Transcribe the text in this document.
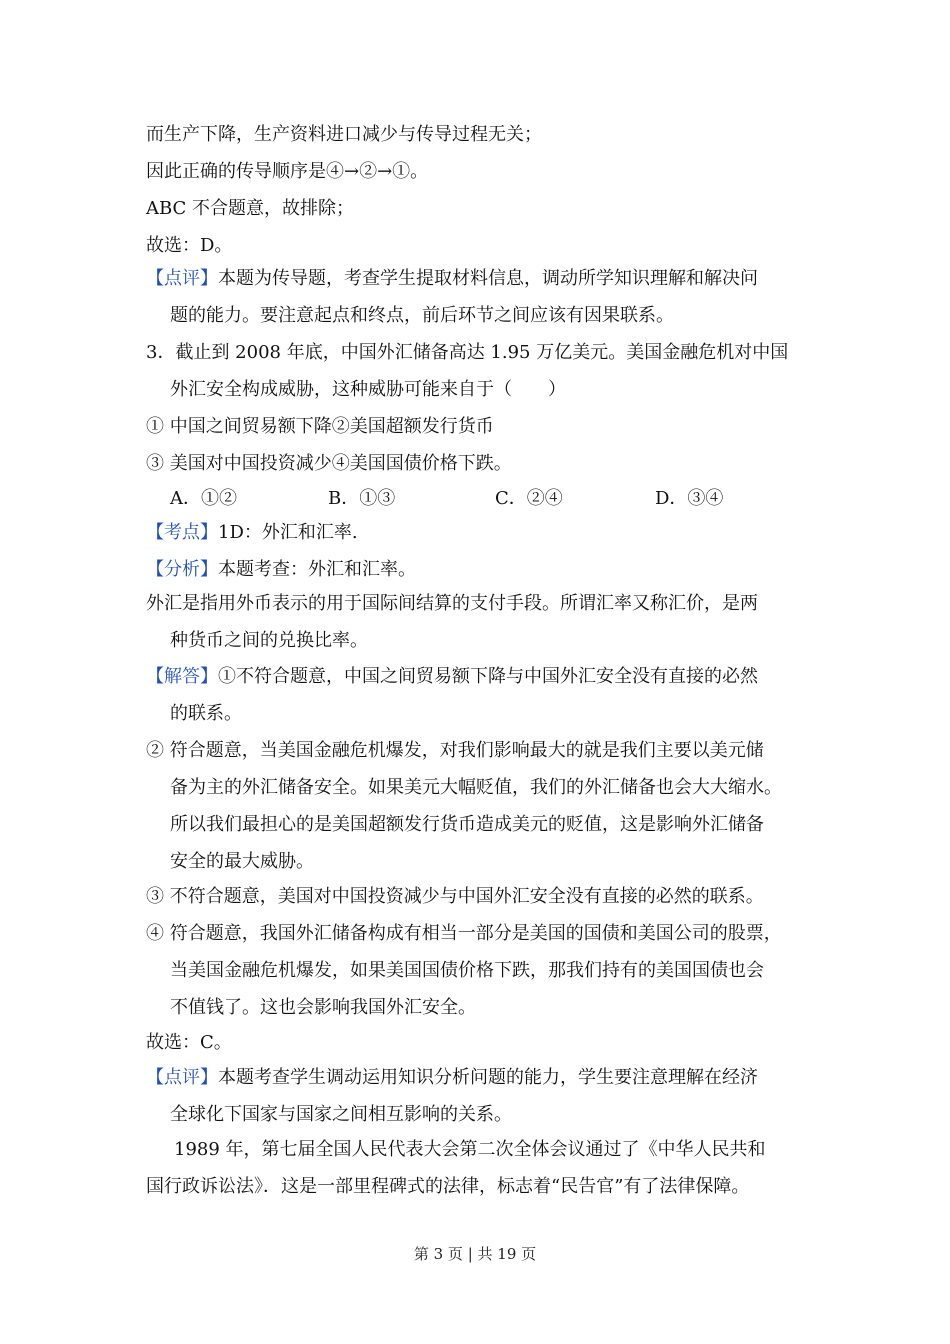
而生产下降，生产资料进口减少与传导过程无关；
因此正确的传导顺序是④→②→①。
ABC 不合题意，故排除；
故选：D。
【点评】本题为传导题，考查学生提取材料信息，调动所学知识理解和解决问
题的能力。要注意起点和终点，前后环节之间应该有因果联系。
3．截止到 2008 年底，中国外汇储备高达 1.95 万亿美元。美国金融危机对中国
外汇安全构成威胁，这种威胁可能来自于（　　）
① 中国之间贸易额下降②美国超额发行货币
③ 美国对中国投资减少④美国国债价格下跌。
A．①②	B．①③	C．②④	D．③④
【考点】1D：外汇和汇率.
【分析】本题考查：外汇和汇率。
外汇是指用外币表示的用于国际间结算的支付手段。所谓汇率又称汇价，是两
种货币之间的兑换比率。
【解答】①不符合题意，中国之间贸易额下降与中国外汇安全没有直接的必然
的联系。
② 符合题意，当美国金融危机爆发，对我们影响最大的就是我们主要以美元储
备为主的外汇储备安全。如果美元大幅贬值，我们的外汇储备也会大大缩水。
所以我们最担心的是美国超额发行货币造成美元的贬值，这是影响外汇储备
安全的最大威胁。
③ 不符合题意，美国对中国投资减少与中国外汇安全没有直接的必然的联系。
④ 符合题意，我国外汇储备构成有相当一部分是美国的国债和美国公司的股票，
当美国金融危机爆发，如果美国国债价格下跌，那我们持有的美国国债也会
不值钱了。这也会影响我国外汇安全。
故选：C。
【点评】本题考查学生调动运用知识分析问题的能力，学生要注意理解在经济
全球化下国家与国家之间相互影响的关系。
1989 年，第七届全国人民代表大会第二次全体会议通过了《中华人民共和
国行政诉讼法》．这是一部里程碑式的法律，标志着“民告官”有了法律保障。
第 3 页 | 共 19 页
